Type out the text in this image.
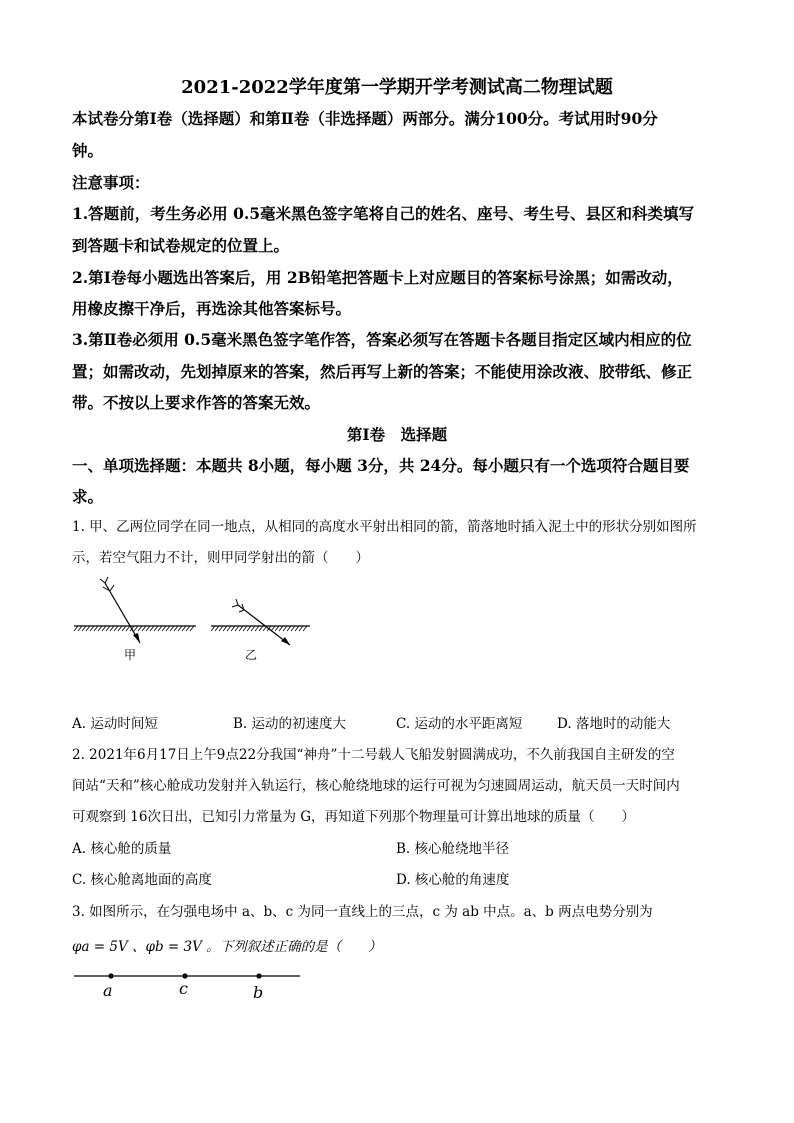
2021-2022学年度第一学期开学考测试高二物理试题
本试卷分第Ⅰ卷（选择题）和第Ⅱ卷（非选择题）两部分。满分100分。考试用时90分
钟。
注意事项：
1.答题前，考生务必用 0.5毫米黑色签字笔将自己的姓名、座号、考生号、县区和科类填写
到答题卡和试卷规定的位置上。
2.第Ⅰ卷每小题选出答案后，用 2B铅笔把答题卡上对应题目的答案标号涂黑；如需改动，
用橡皮擦干净后，再选涂其他答案标号。
3.第Ⅱ卷必须用 0.5毫米黑色签字笔作答，答案必须写在答题卡各题目指定区域内相应的位
置；如需改动，先划掉原来的答案，然后再写上新的答案；不能使用涂改液、胶带纸、修正
带。不按以上要求作答的答案无效。
第Ⅰ卷　选择题
一、单项选择题：本题共 8小题，每小题 3分，共 24分。每小题只有一个选项符合题目要
求。
1. 甲、乙两位同学在同一地点，从相同的高度水平射出相同的箭，箭落地时插入泥土中的形状分别如图所
示，若空气阻力不计，则甲同学射出的箭（　　）
甲	乙
A. 运动时间短	B. 运动的初速度大	C. 运动的水平距离短	D. 落地时的动能大
2. 2021年6月17日上午9点22分我国“神舟”十二号载人飞船发射圆满成功，不久前我国自主研发的空
间站“天和”核心舱成功发射并入轨运行，核心舱绕地球的运行可视为匀速圆周运动，航天员一天时间内
可观察到 16次日出，已知引力常量为 G，再知道下列那个物理量可计算出地球的质量（　　）
A. 核心舱的质量	B. 核心舱绕地半径
C. 核心舱离地面的高度	D. 核心舱的角速度
3. 如图所示，在匀强电场中 a、b、c 为同一直线上的三点，c 为 ab 中点。a、b 两点电势分别为
φa = 5V 、φb = 3V 。下列叙述正确的是（　　）
a	c	b
